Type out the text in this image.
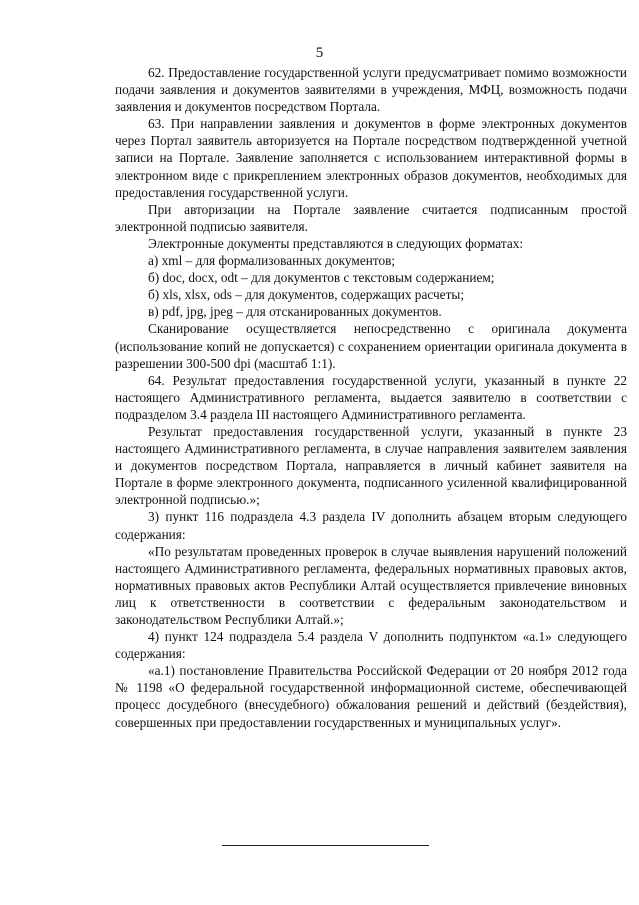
5

62. Предоставление государственной услуги предусматривает помимо возможности подачи заявления и документов заявителями в учреждения, МФЦ, возможность подачи заявления и документов посредством Портала.

63. При направлении заявления и документов в форме электронных документов через Портал заявитель авторизуется на Портале посредством подтвержденной учетной записи на Портале. Заявление заполняется с использованием интерактивной формы в электронном виде с прикреплением электронных образов документов, необходимых для предоставления государственной услуги.

При авторизации на Портале заявление считается подписанным простой электронной подписью заявителя.

Электронные документы представляются в следующих форматах:

а) xml – для формализованных документов;

б) doc, docx, odt – для документов с текстовым содержанием;

б) xls, xlsx, ods – для документов, содержащих расчеты;

в) pdf, jpg, jpeg – для отсканированных документов.

Сканирование осуществляется непосредственно с оригинала документа (использование копий не допускается) с сохранением ориентации оригинала документа в разрешении 300-500 dpi (масштаб 1:1).

64. Результат предоставления государственной услуги, указанный в пункте 22 настоящего Административного регламента, выдается заявителю в соответствии с подразделом 3.4 раздела III настоящего Административного регламента.

Результат предоставления государственной услуги, указанный в пункте 23 настоящего Административного регламента, в случае направления заявителем заявления и документов посредством Портала, направляется в личный кабинет заявителя на Портале в форме электронного документа, подписанного усиленной квалифицированной электронной подписью.»;

3) пункт 116 подраздела 4.3 раздела IV дополнить абзацем вторым следующего содержания:

«По результатам проведенных проверок в случае выявления нарушений положений настоящего Административного регламента, федеральных нормативных правовых актов, нормативных правовых актов Республики Алтай осуществляется привлечение виновных лиц к ответственности в соответствии с федеральным законодательством и законодательством Республики Алтай.»;

4) пункт 124 подраздела 5.4 раздела V дополнить подпунктом «а.1» следующего содержания:

«а.1) постановление Правительства Российской Федерации от 20 ноября 2012 года № 1198 «О федеральной государственной информационной системе, обеспечивающей процесс досудебного (внесудебного) обжалования решений и действий (бездействия), совершенных при предоставлении государственных и муниципальных услуг».
